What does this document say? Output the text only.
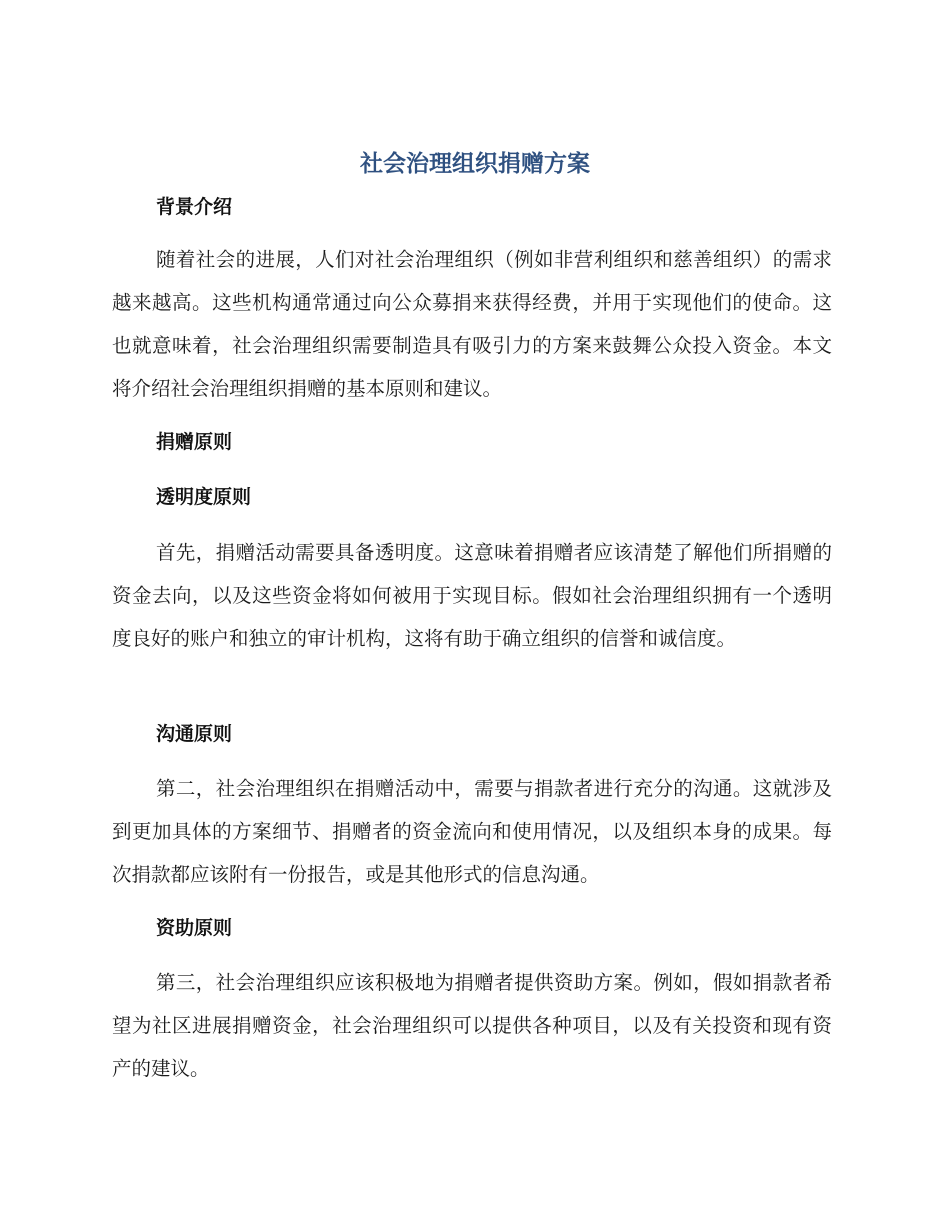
社会治理组织捐赠方案
背景介绍

随着社会的进展，人们对社会治理组织（例如非营利组织和慈善组织）的需求越来越高。这些机构通常通过向公众募捐来获得经费，并用于实现他们的使命。这也就意味着，社会治理组织需要制造具有吸引力的方案来鼓舞公众投入资金。本文将介绍社会治理组织捐赠的基本原则和建议。

捐赠原则
透明度原则

首先，捐赠活动需要具备透明度。这意味着捐赠者应该清楚了解他们所捐赠的资金去向，以及这些资金将如何被用于实现目标。假如社会治理组织拥有一个透明度良好的账户和独立的审计机构，这将有助于确立组织的信誉和诚信度。

沟通原则

第二，社会治理组织在捐赠活动中，需要与捐款者进行充分的沟通。这就涉及到更加具体的方案细节、捐赠者的资金流向和使用情况，以及组织本身的成果。每次捐款都应该附有一份报告，或是其他形式的信息沟通。

资助原则

第三，社会治理组织应该积极地为捐赠者提供资助方案。例如，假如捐款者希望为社区进展捐赠资金，社会治理组织可以提供各种项目，以及有关投资和现有资产的建议。
